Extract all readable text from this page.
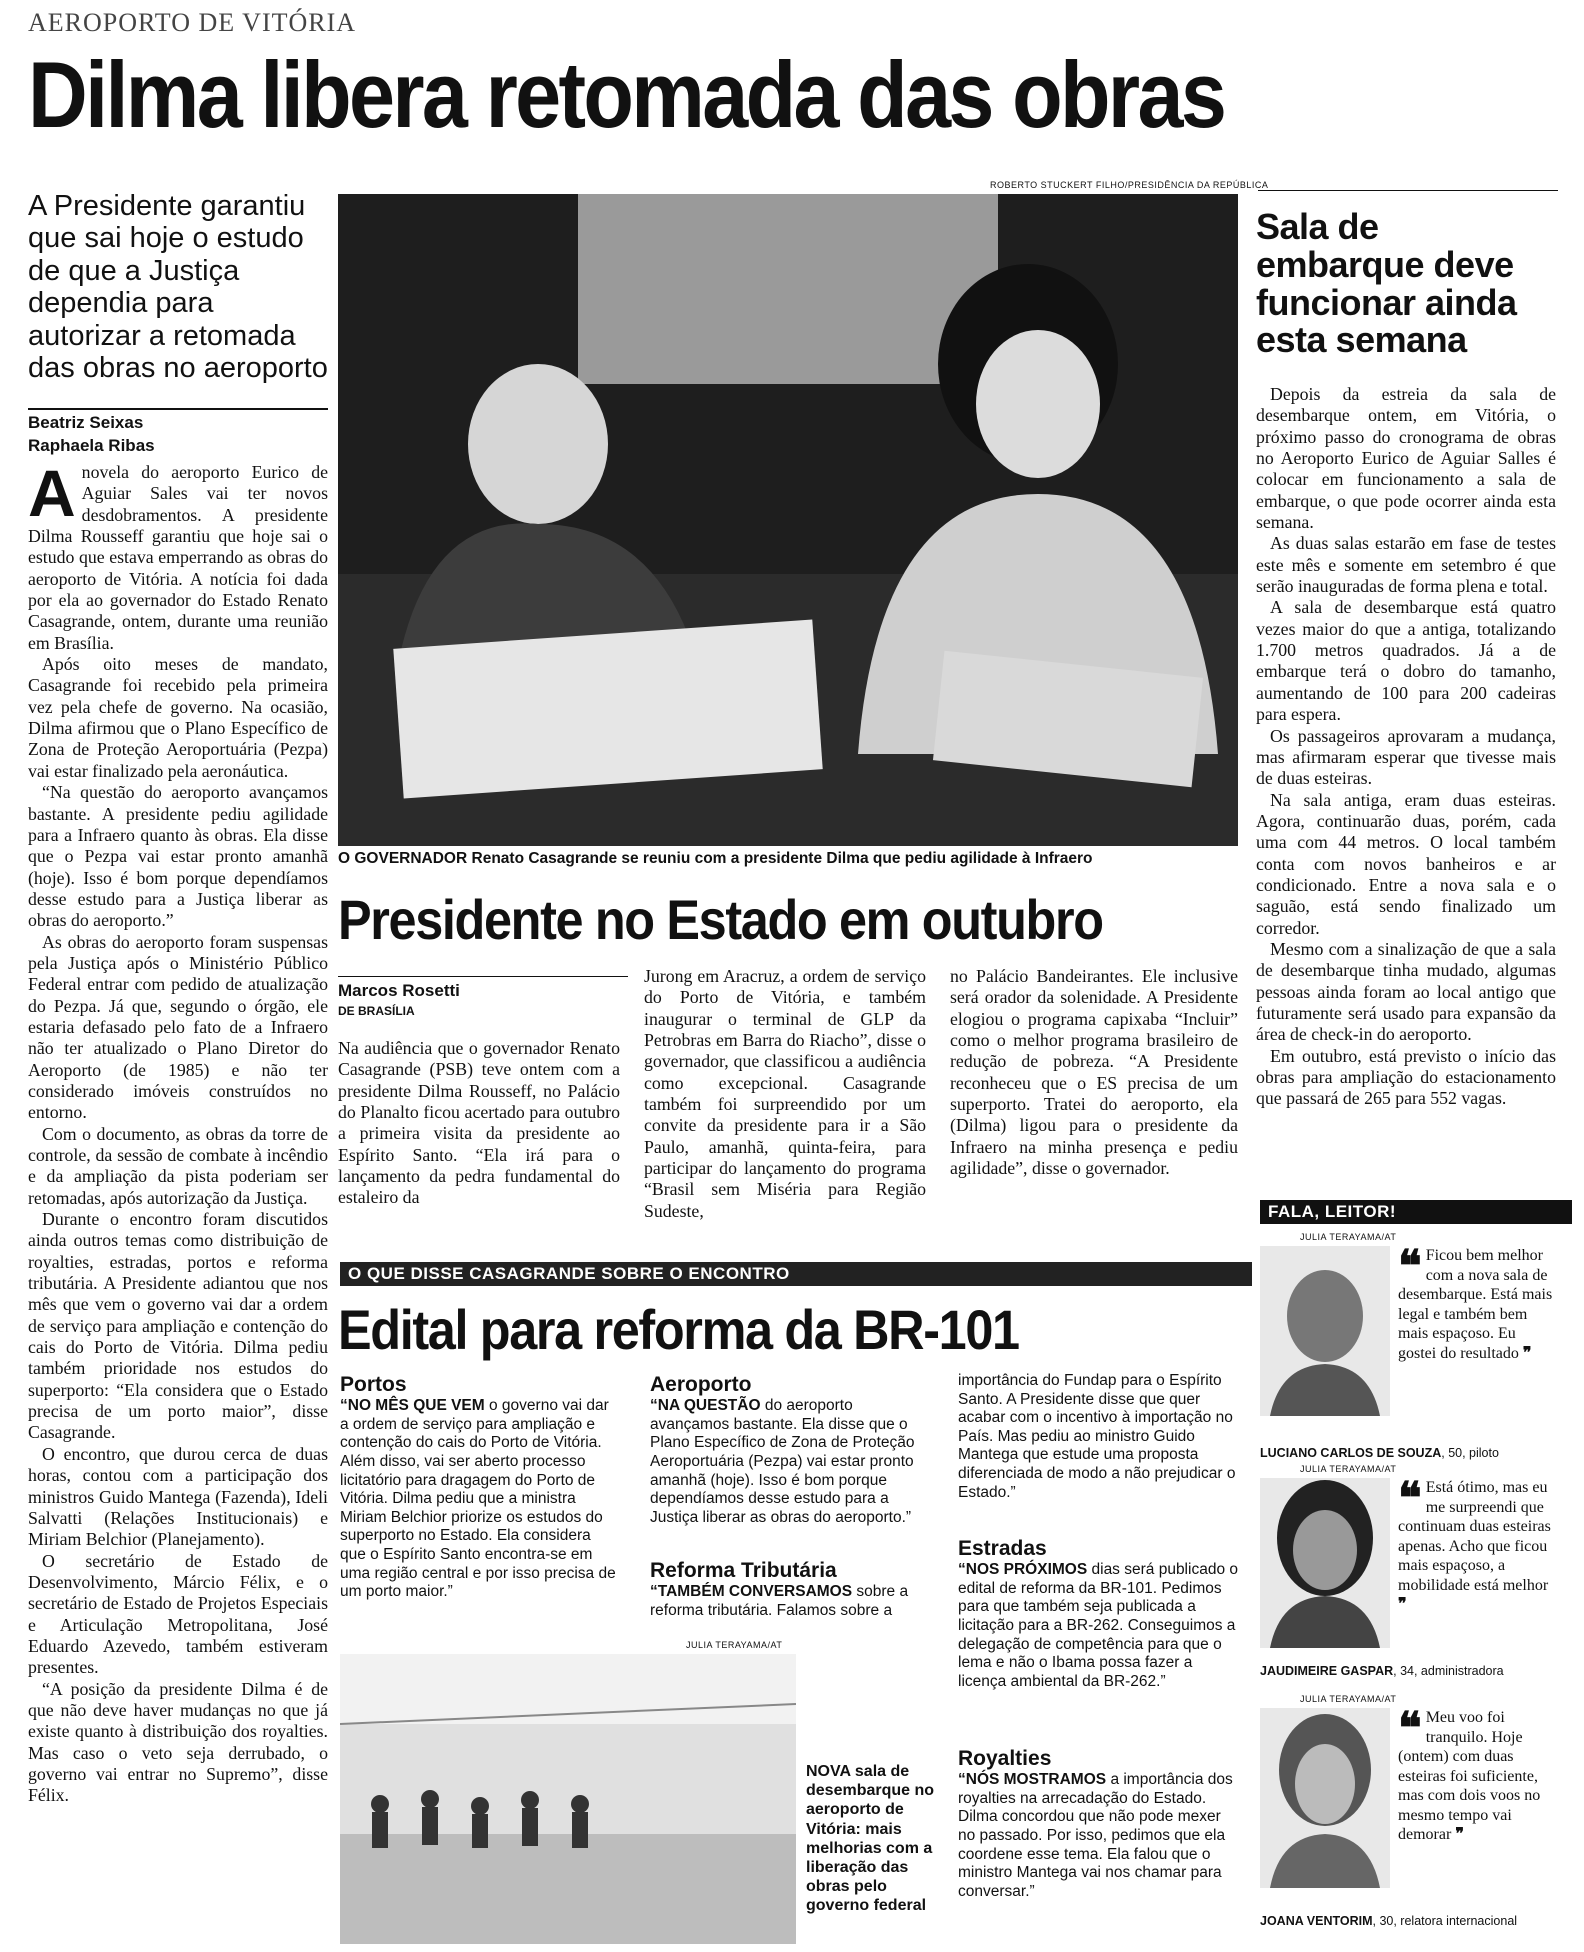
AEROPORTO DE VITÓRIA
Dilma libera retomada das obras
A Presidente garantiu que sai hoje o estudo de que a Justiça dependia para autorizar a retomada das obras no aeroporto
Beatriz Seixas
Raphaela Ribas

Anovela do aeroporto Eurico de Aguiar Sales vai ter novos desdobramentos. A presidente Dilma Rousseff garantiu que hoje sai o estudo que estava emperrando as obras do aeroporto de Vitória. A notícia foi dada por ela ao governador do Estado Renato Casagrande, ontem, durante uma reunião em Brasília.

Após oito meses de mandato, Casagrande foi recebido pela primeira vez pela chefe de governo. Na ocasião, Dilma afirmou que o Plano Específico de Zona de Proteção Aeroportuária (Pezpa) vai estar finalizado pela aeronáutica.

“Na questão do aeroporto avançamos bastante. A presidente pediu agilidade para a Infraero quanto às obras. Ela disse que o Pezpa vai estar pronto amanhã (hoje). Isso é bom porque dependíamos desse estudo para a Justiça liberar as obras do aeroporto.”

As obras do aeroporto foram suspensas pela Justiça após o Ministério Público Federal entrar com pedido de atualização do Pezpa. Já que, segundo o órgão, ele estaria defasado pelo fato de a Infraero não ter atualizado o Plano Diretor do Aeroporto (de 1985) e não ter considerado imóveis construídos no entorno.

Com o documento, as obras da torre de controle, da sessão de combate à incêndio e da ampliação da pista poderiam ser retomadas, após autorização da Justiça.

Durante o encontro foram discutidos ainda outros temas como distribuição de royalties, estradas, portos e reforma tributária. A Presidente adiantou que nos mês que vem o governo vai dar a ordem de serviço para ampliação e contenção do cais do Porto de Vitória. Dilma pediu também prioridade nos estudos do superporto: “Ela considera que o Estado precisa de um porto maior”, disse Casagrande.

O encontro, que durou cerca de duas horas, contou com a participação dos ministros Guido Mantega (Fazenda), Ideli Salvatti (Relações Institucionais) e Miriam Belchior (Planejamento).

O secretário de Estado de Desenvolvimento, Márcio Félix, e o secretário de Estado de Projetos Especiais e Articulação Metropolitana, José Eduardo Azevedo, também estiveram presentes.

“A posição da presidente Dilma é de que não deve haver mudanças no que já existe quanto à distribuição dos royalties. Mas caso o veto seja derrubado, o governo vai entrar no Supremo”, disse Félix.

ROBERTO STUCKERT FILHO/PRESIDÊNCIA DA REPÚBLICA
O GOVERNADOR Renato Casagrande se reuniu com a presidente Dilma que pediu agilidade à Infraero
Sala de embarque deve funcionar ainda esta semana

Depois da estreia da sala de desembarque ontem, em Vitória, o próximo passo do cronograma de obras no Aeroporto Eurico de Aguiar Salles é colocar em funcionamento a sala de embarque, o que pode ocorrer ainda esta semana.

As duas salas estarão em fase de testes este mês e somente em setembro é que serão inauguradas de forma plena e total.

A sala de desembarque está quatro vezes maior do que a antiga, totalizando 1.700 metros quadrados. Já a de embarque terá o dobro do tamanho, aumentando de 100 para 200 cadeiras para espera.

Os passageiros aprovaram a mudança, mas afirmaram esperar que tivesse mais de duas esteiras.

Na sala antiga, eram duas esteiras. Agora, continuarão duas, porém, cada uma com 44 metros. O local também conta com novos banheiros e ar condicionado. Entre a nova sala e o saguão, está sendo finalizado um corredor.

Mesmo com a sinalização de que a sala de desembarque tinha mudado, algumas pessoas ainda foram ao local antigo que futuramente será usado para expansão da área de check-in do aeroporto.

Em outubro, está previsto o início das obras para ampliação do estacionamento que passará de 265 para 552 vagas.

Presidente no Estado em outubro
Marcos Rosetti
DE BRASÍLIA

Na audiência que o governador Renato Casagrande (PSB) teve ontem com a presidente Dilma Rousseff, no Palácio do Planalto ficou acertado para outubro a primeira visita da presidente ao Espírito Santo. “Ela irá para o lançamento da pedra fundamental do estaleiro da

Jurong em Aracruz, a ordem de serviço do Porto de Vitória, e também inaugurar o terminal de GLP da Petrobras em Barra do Riacho”, disse o governador, que classificou a audiência como excepcional. Casagrande também foi surpreendido por um convite da presidente para ir a São Paulo, amanhã, quinta-feira, para participar do lançamento do programa “Brasil sem Miséria para Região Sudeste,

no Palácio Bandeirantes. Ele inclusive será orador da solenidade. A Presidente elogiou o programa capixaba “Incluir” como o melhor programa brasileiro de redução de pobreza. “A Presidente reconheceu que o ES precisa de um superporto. Tratei do aeroporto, ela (Dilma) ligou para o presidente da Infraero na minha presença e pediu agilidade”, disse o governador.

O QUE DISSE CASAGRANDE SOBRE O ENCONTRO
Edital para reforma da BR-101
Portos

“NO MÊS QUE VEM o governo vai dar a ordem de serviço para ampliação e contenção do cais do Porto de Vitória. Além disso, vai ser aberto processo licitatório para dragagem do Porto de Vitória. Dilma pediu que a ministra Miriam Belchior priorize os estudos do superporto no Estado. Ela considera que o Espírito Santo encontra-se em uma região central e por isso precisa de um porto maior.”

Aeroporto

“NA QUESTÃO do aeroporto avançamos bastante. Ela disse que o Plano Específico de Zona de Proteção Aeroportuária (Pezpa) vai estar pronto amanhã (hoje). Isso é bom porque dependíamos desse estudo para a Justiça liberar as obras do aeroporto.”

Reforma Tributária

“TAMBÉM CONVERSAMOS sobre a reforma tributária. Falamos sobre a

importância do Fundap para o Espírito Santo. A Presidente disse que quer acabar com o incentivo à importação no País. Mas pediu ao ministro Guido Mantega que estude uma proposta diferenciada de modo a não prejudicar o Estado.”

Estradas

“NOS PRÓXIMOS dias será publicado o edital de reforma da BR-101. Pedimos para que também seja publicada a licitação para a BR-262. Conseguimos a delegação de competência para que o lema e não o Ibama possa fazer a licença ambiental da BR-262.”

Royalties

“NÓS MOSTRAMOS a importância dos royalties na arrecadação do Estado. Dilma concordou que não pode mexer no passado. Por isso, pedimos que ela coordene esse tema. Ela falou que o ministro Mantega vai nos chamar para conversar.”

JULIA TERAYAMA/AT
NOVA sala de desembarque no aeroporto de Vitória: mais melhorias com a liberação das obras pelo governo federal
FALA, LEITOR!
JULIA TERAYAMA/AT
❝ Ficou bem melhor com a nova sala de desembarque. Está mais legal e também bem mais espaçoso. Eu gostei do resultado ❞
LUCIANO CARLOS DE SOUZA, 50, piloto
JULIA TERAYAMA/AT
❝ Está ótimo, mas eu me surpreendi que continuam duas esteiras apenas. Acho que ficou mais espaçoso, a mobilidade está melhor ❞
JAUDIMEIRE GASPAR, 34, administradora
JULIA TERAYAMA/AT
❝ Meu voo foi tranquilo. Hoje (ontem) com duas esteiras foi suficiente, mas com dois voos no mesmo tempo vai demorar ❞
JOANA VENTORIM, 30, relatora internacional
